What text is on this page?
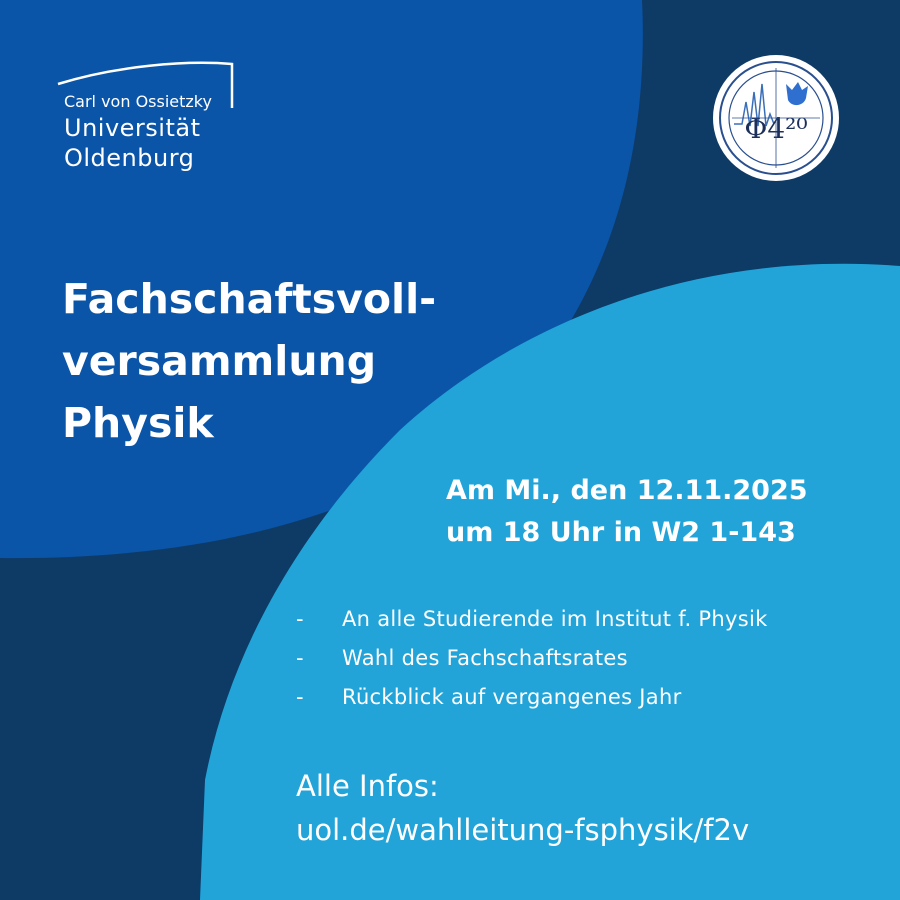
Carl von Ossietzky
Universität
Oldenburg
Φ4²⁰
Fachschaftsvoll-
versammlung
Physik
Am Mi., den 12.11.2025
um 18 Uhr in W2 1-143
- An alle Studierende im Institut f. Physik
- Wahl des Fachschaftsrates
- Rückblick auf vergangenes Jahr
Alle Infos:
uol.de/wahlleitung-fsphysik/f2v
